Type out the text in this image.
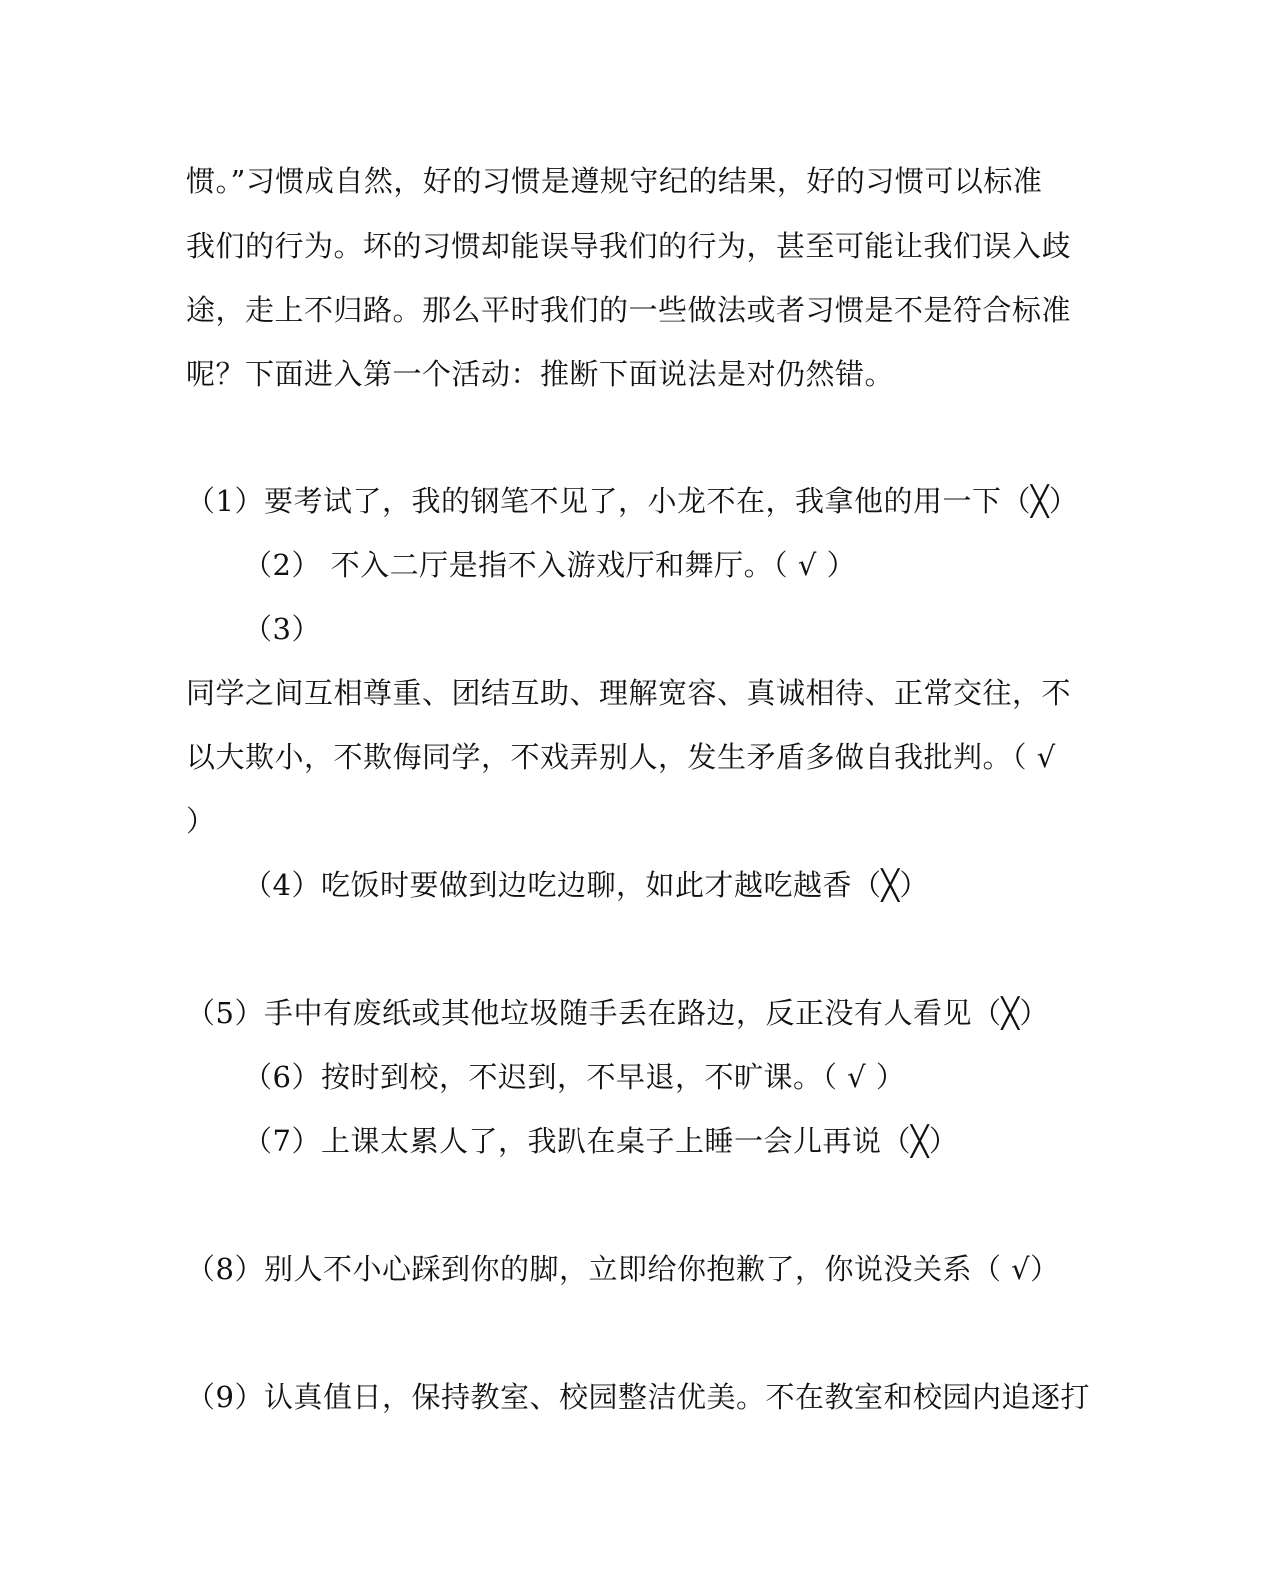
惯。”习惯成自然，好的习惯是遵规守纪的结果，好的习惯可以标准
我们的行为。坏的习惯却能误导我们的行为，甚至可能让我们误入歧
途，走上不归路。那么平时我们的一些做法或者习惯是不是符合标准
呢？下面进入第一个活动：推断下面说法是对仍然错。
（1）要考试了，我的钢笔不见了，小龙不在，我拿他的用一下（╳）
（2） 不入二厅是指不入游戏厅和舞厅。（ √ ）
（3）
同学之间互相尊重、团结互助、理解宽容、真诚相待、正常交往，不
以大欺小，不欺侮同学，不戏弄别人，发生矛盾多做自我批判。（ √
）
（4）吃饭时要做到边吃边聊，如此才越吃越香（╳）
（5）手中有废纸或其他垃圾随手丢在路边，反正没有人看见（╳）
（6）按时到校，不迟到，不早退，不旷课。（ √ ）
（7）上课太累人了，我趴在桌子上睡一会儿再说（╳）
（8）别人不小心踩到你的脚，立即给你抱歉了，你说没关系（ √）
（9）认真值日，保持教室、校园整洁优美。不在教室和校园内追逐打
